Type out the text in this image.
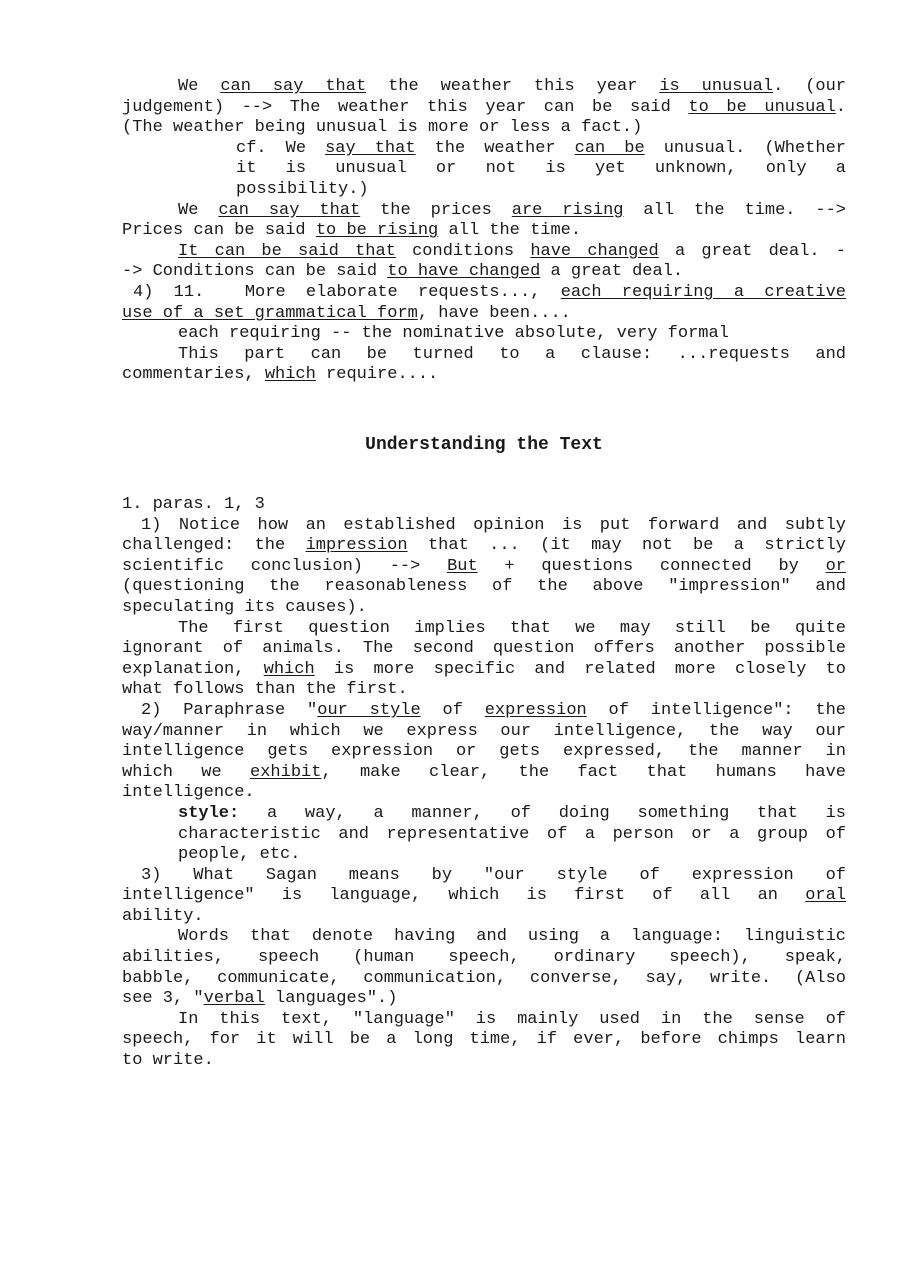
We can say that the weather this year is unusual. (our
judgement) --> The weather this year can be said to be unusual.
(The weather being unusual is more or less a fact.)
cf. We say that the weather can be unusual. (Whether
it is unusual or not is yet unknown, only a
possibility.)
We can say that the prices are rising all the time. -->
Prices can be said to be rising all the time.
It can be said that conditions have changed a great deal. -
-> Conditions can be said to have changed a great deal.
4) 11.  More elaborate requests..., each requiring a creative
use of a set grammatical form, have been....
each requiring -- the nominative absolute, very formal
This part can be turned to a clause: ...requests and
commentaries, which require....
Understanding the Text
1. paras. 1, 3
1) Notice how an established opinion is put forward and subtly
challenged: the impression that ... (it may not be a strictly
scientific conclusion) --> But + questions connected by or
(questioning the reasonableness of the above "impression" and
speculating its causes).
The first question implies that we may still be quite
ignorant of animals. The second question offers another possible
explanation, which is more specific and related more closely to
what follows than the first.
2) Paraphrase "our style of expression of intelligence": the
way/manner in which we express our intelligence, the way our
intelligence gets expression or gets expressed, the manner in
which we exhibit, make clear, the fact that humans have
intelligence.
style: a way, a manner, of doing something that is
characteristic and representative of a person or a group of
people, etc.
3) What Sagan means by "our style of expression of
intelligence" is language, which is first of all an oral
ability.
Words that denote having and using a language: linguistic
abilities, speech (human speech, ordinary speech), speak,
babble, communicate, communication, converse, say, write. (Also
see 3, "verbal languages".)
In this text, "language" is mainly used in the sense of
speech, for it will be a long time, if ever, before chimps learn
to write.
